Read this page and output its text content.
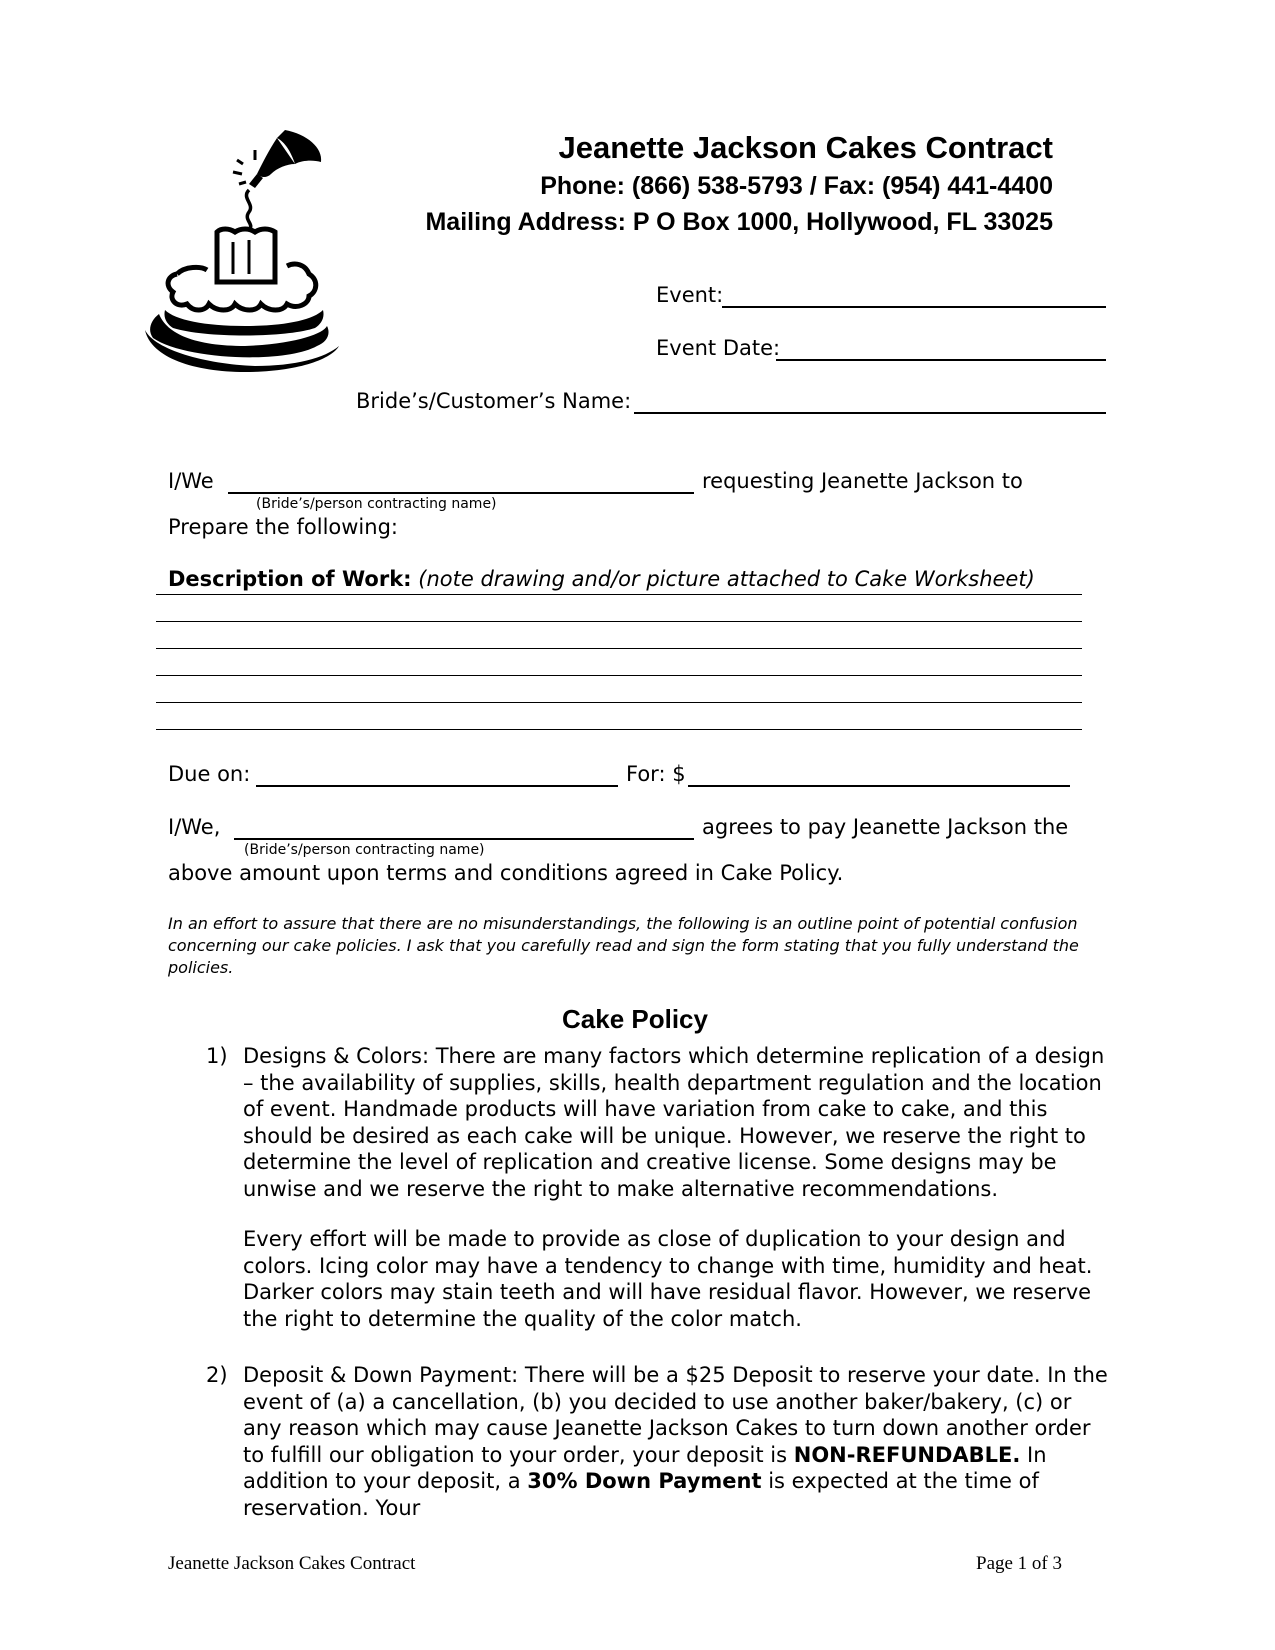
Jeanette Jackson Cakes Contract
Phone: (866) 538-5793 / Fax: (954) 441-4400
Mailing Address: P O Box 1000, Hollywood, FL 33025
Event:
Event Date:
Bride’s/Customer’s Name:
I/We	requesting Jeanette Jackson to
(Bride’s/person contracting name)
Prepare the following:
Description of Work: (note drawing and/or picture attached to Cake Worksheet)
Due on:	For: $
I/We,	agrees to pay Jeanette Jackson the
(Bride’s/person contracting name)
above amount upon terms and conditions agreed in Cake Policy.
In an effort to assure that there are no misunderstandings, the following is an outline point of potential confusion concerning our cake policies. I ask that you carefully read and sign the form stating that you fully understand the policies.
Cake Policy
1) Designs & Colors: There are many factors which determine replication of a design – the availability of supplies, skills, health department regulation and the location of event. Handmade products will have variation from cake to cake, and this should be desired as each cake will be unique. However, we reserve the right to determine the level of replication and creative license. Some designs may be unwise and we reserve the right to make alternative recommendations.
Every effort will be made to provide as close of duplication to your design and colors. Icing color may have a tendency to change with time, humidity and heat. Darker colors may stain teeth and will have residual flavor. However, we reserve the right to determine the quality of the color match.
2) Deposit & Down Payment: There will be a $25 Deposit to reserve your date. In the event of (a) a cancellation, (b) you decided to use another baker/bakery, (c) or any reason which may cause Jeanette Jackson Cakes to turn down another order to fulfill our obligation to your order, your deposit is NON-REFUNDABLE. In addition to your deposit, a 30% Down Payment is expected at the time of reservation. Your
Jeanette Jackson Cakes Contract	Page 1 of 3
